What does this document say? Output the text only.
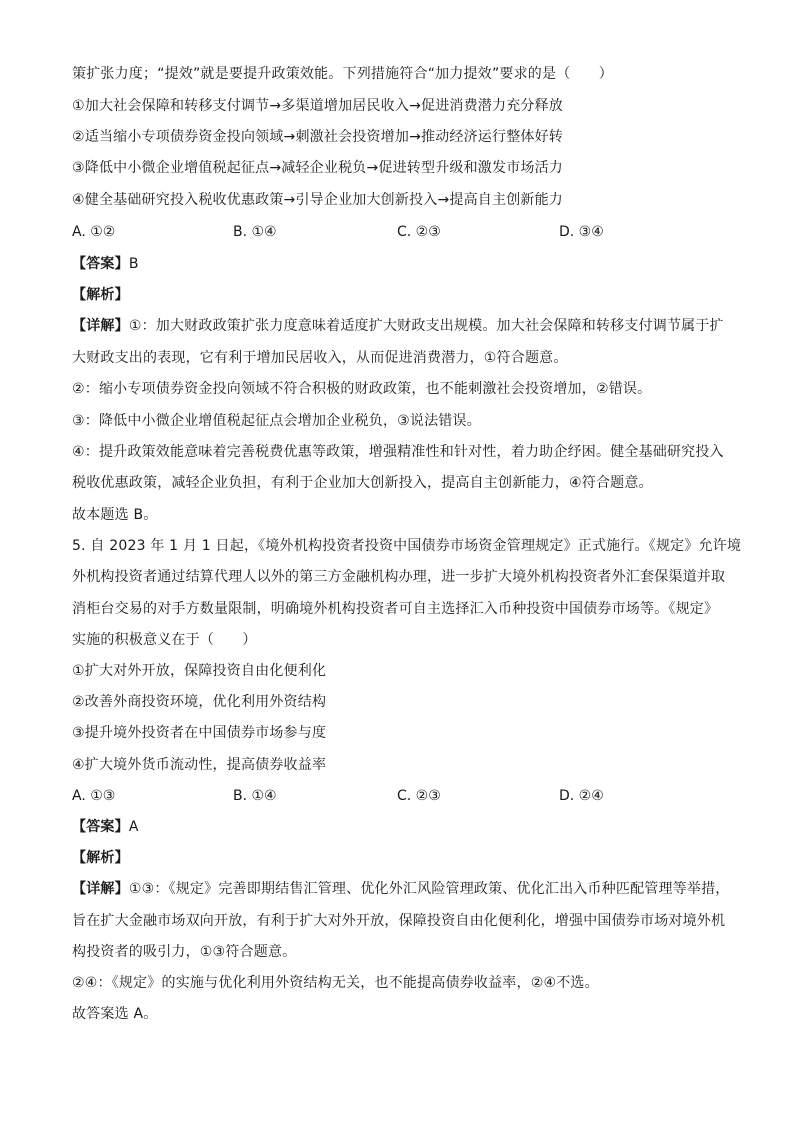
策扩张力度；“提效”就是要提升政策效能。下列措施符合“加力提效”要求的是（　　）
①加大社会保障和转移支付调节→多渠道增加居民收入→促进消费潜力充分释放
②适当缩小专项债券资金投向领域→刺激社会投资增加→推动经济运行整体好转
③降低中小微企业增值税起征点→减轻企业税负→促进转型升级和激发市场活力
④健全基础研究投入税收优惠政策→引导企业加大创新投入→提高自主创新能力
A. ①②	B. ①④	C. ②③	D. ③④
【答案】B
【解析】
【详解】①：加大财政政策扩张力度意味着适度扩大财政支出规模。加大社会保障和转移支付调节属于扩
大财政支出的表现，它有利于增加民居收入，从而促进消费潜力，①符合题意。
②：缩小专项债券资金投向领域不符合积极的财政政策，也不能刺激社会投资增加，②错误。
③：降低中小微企业增值税起征点会增加企业税负，③说法错误。
④：提升政策效能意味着完善税费优惠等政策，增强精准性和针对性，着力助企纾困。健全基础研究投入
税收优惠政策，减轻企业负担，有利于企业加大创新投入，提高自主创新能力，④符合题意。
故本题选 B。
5. 自 2023 年 1 月 1 日起，《境外机构投资者投资中国债券市场资金管理规定》正式施行。《规定》允许境
外机构投资者通过结算代理人以外的第三方金融机构办理，进一步扩大境外机构投资者外汇套保渠道并取
消柜台交易的对手方数量限制，明确境外机构投资者可自主选择汇入币种投资中国债券市场等。《规定》
实施的积极意义在于（　　）
①扩大对外开放，保障投资自由化便利化
②改善外商投资环境，优化利用外资结构
③提升境外投资者在中国债券市场参与度
④扩大境外货币流动性，提高债券收益率
A. ①③	B. ①④	C. ②③	D. ②④
【答案】A
【解析】
【详解】①③：《规定》完善即期结售汇管理、优化外汇风险管理政策、优化汇出入币种匹配管理等举措，
旨在扩大金融市场双向开放，有利于扩大对外开放，保障投资自由化便利化，增强中国债券市场对境外机
构投资者的吸引力，①③符合题意。
②④：《规定》的实施与优化利用外资结构无关，也不能提高债券收益率，②④不选。
故答案选 A。
